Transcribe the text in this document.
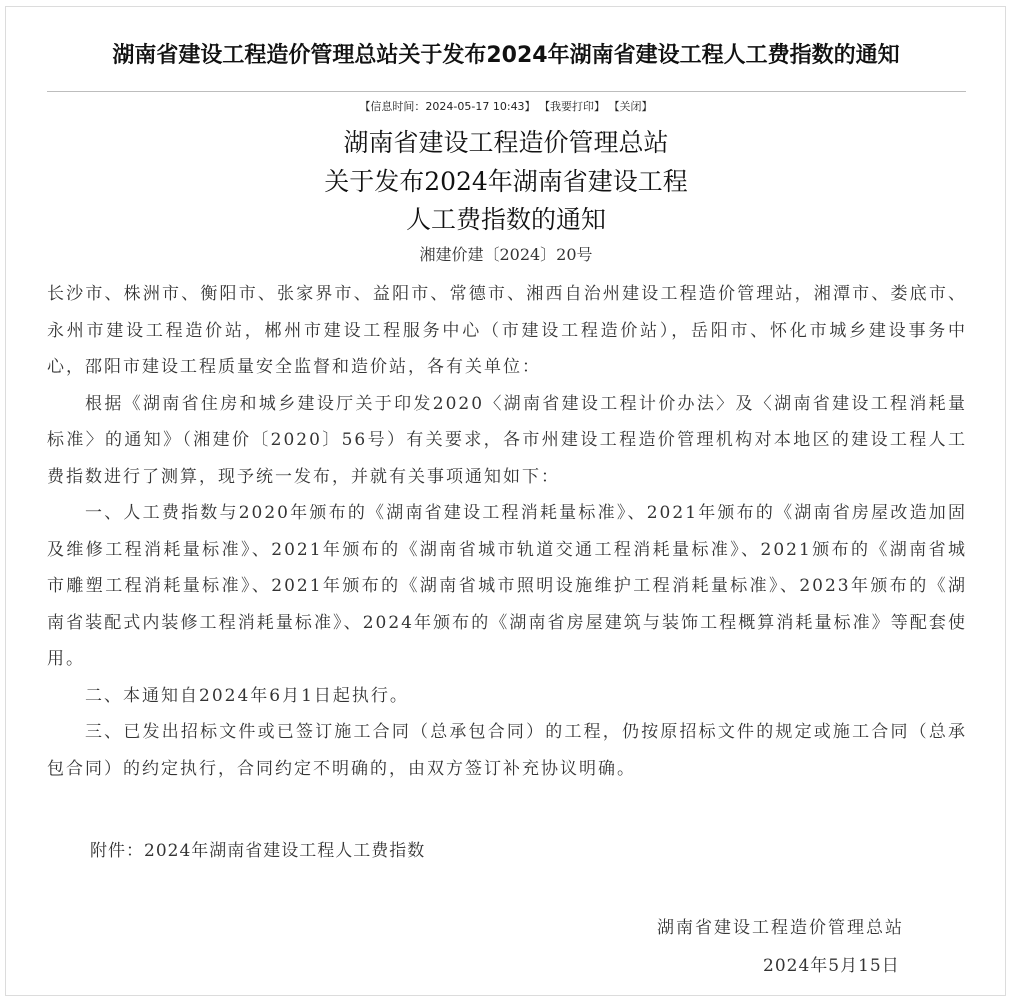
湖南省建设工程造价管理总站关于发布2024年湖南省建设工程人工费指数的通知
【信息时间：2024-05-17 10:43】 【我要打印】 【关闭】
湖南省建设工程造价管理总站
关于发布2024年湖南省建设工程
人工费指数的通知
湘建价建〔2024〕20号

长沙市、株洲市、衡阳市、张家界市、益阳市、常德市、湘西自治州建设工程造价管理站，湘潭市、娄底市、永州市建设工程造价站，郴州市建设工程服务中心（市建设工程造价站），岳阳市、怀化市城乡建设事务中心，邵阳市建设工程质量安全监督和造价站，各有关单位：

根据《湖南省住房和城乡建设厅关于印发2020〈湖南省建设工程计价办法〉及〈湖南省建设工程消耗量标准〉的通知》（湘建价〔2020〕56号）有关要求，各市州建设工程造价管理机构对本地区的建设工程人工费指数进行了测算，现予统一发布，并就有关事项通知如下：

一、人工费指数与2020年颁布的《湖南省建设工程消耗量标准》、2021年颁布的《湖南省房屋改造加固及维修工程消耗量标准》、2021年颁布的《湖南省城市轨道交通工程消耗量标准》、2021颁布的《湖南省城市雕塑工程消耗量标准》、2021年颁布的《湖南省城市照明设施维护工程消耗量标准》、2023年颁布的《湖南省装配式内装修工程消耗量标准》、2024年颁布的《湖南省房屋建筑与装饰工程概算消耗量标准》等配套使用。

二、本通知自2024年6月1日起执行。

三、已发出招标文件或已签订施工合同（总承包合同）的工程，仍按原招标文件的规定或施工合同（总承包合同）的约定执行，合同约定不明确的，由双方签订补充协议明确。

附件：2024年湖南省建设工程人工费指数
湖南省建设工程造价管理总站
2024年5月15日
